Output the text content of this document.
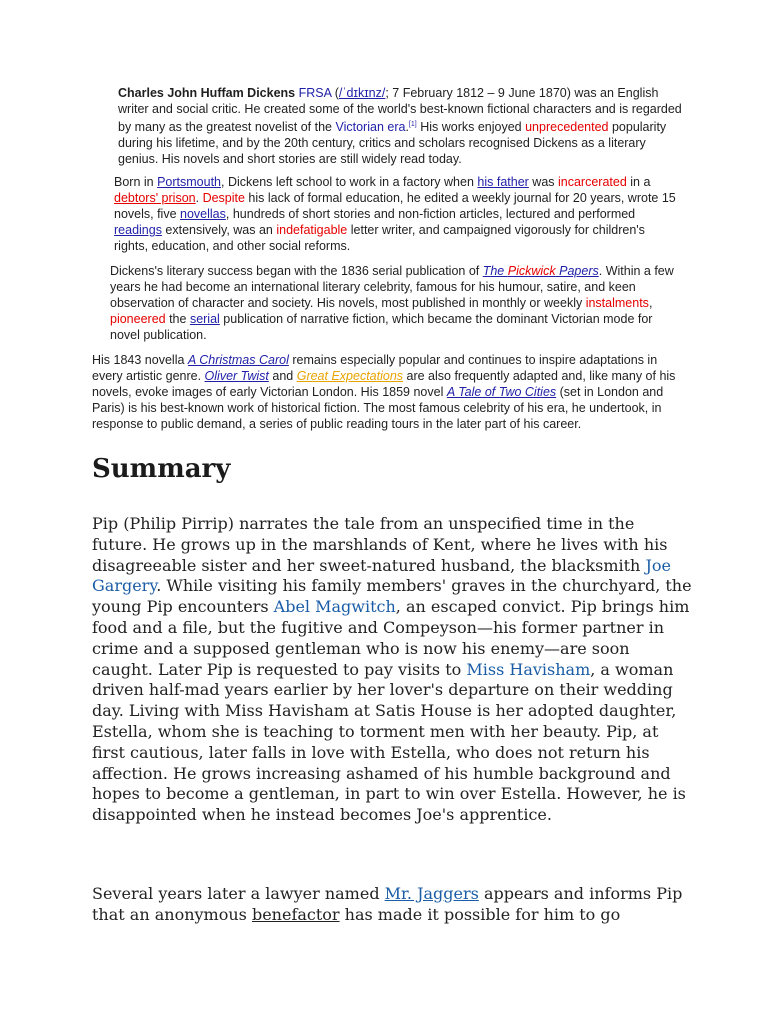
Charles John Huffam Dickens FRSA (/ˈdɪkɪnz/; 7 February 1812 – 9 June 1870) was an English writer and social critic. He created some of the world's best-known fictional characters and is regarded by many as the greatest novelist of the Victorian era.[1] His works enjoyed unprecedented popularity during his lifetime, and by the 20th century, critics and scholars recognised Dickens as a literary genius. His novels and short stories are still widely read today.

Born in Portsmouth, Dickens left school to work in a factory when his father was incarcerated in a debtors' prison. Despite his lack of formal education, he edited a weekly journal for 20 years, wrote 15 novels, five novellas, hundreds of short stories and non-fiction articles, lectured and performed readings extensively, was an indefatigable letter writer, and campaigned vigorously for children's rights, education, and other social reforms.

Dickens's literary success began with the 1836 serial publication of The Pickwick Papers. Within a few years he had become an international literary celebrity, famous for his humour, satire, and keen observation of character and society. His novels, most published in monthly or weekly instalments, pioneered the serial publication of narrative fiction, which became the dominant Victorian mode for novel publication.

His 1843 novella A Christmas Carol remains especially popular and continues to inspire adaptations in every artistic genre. Oliver Twist and Great Expectations are also frequently adapted and, like many of his novels, evoke images of early Victorian London. His 1859 novel A Tale of Two Cities (set in London and Paris) is his best-known work of historical fiction. The most famous celebrity of his era, he undertook, in response to public demand, a series of public reading tours in the later part of his career.

Summary

Pip (Philip Pirrip) narrates the tale from an unspecified time in the future. He grows up in the marshlands of Kent, where he lives with his disagreeable sister and her sweet-natured husband, the blacksmith Joe Gargery. While visiting his family members' graves in the churchyard, the young Pip encounters Abel Magwitch, an escaped convict. Pip brings him food and a file, but the fugitive and Compeyson—his former partner in crime and a supposed gentleman who is now his enemy—are soon caught. Later Pip is requested to pay visits to Miss Havisham, a woman driven half-mad years earlier by her lover's departure on their wedding day. Living with Miss Havisham at Satis House is her adopted daughter, Estella, whom she is teaching to torment men with her beauty. Pip, at first cautious, later falls in love with Estella, who does not return his affection. He grows increasing ashamed of his humble background and hopes to become a gentleman, in part to win over Estella. However, he is disappointed when he instead becomes Joe's apprentice.

Several years later a lawyer named Mr. Jaggers appears and informs Pip that an anonymous benefactor has made it possible for him to go
